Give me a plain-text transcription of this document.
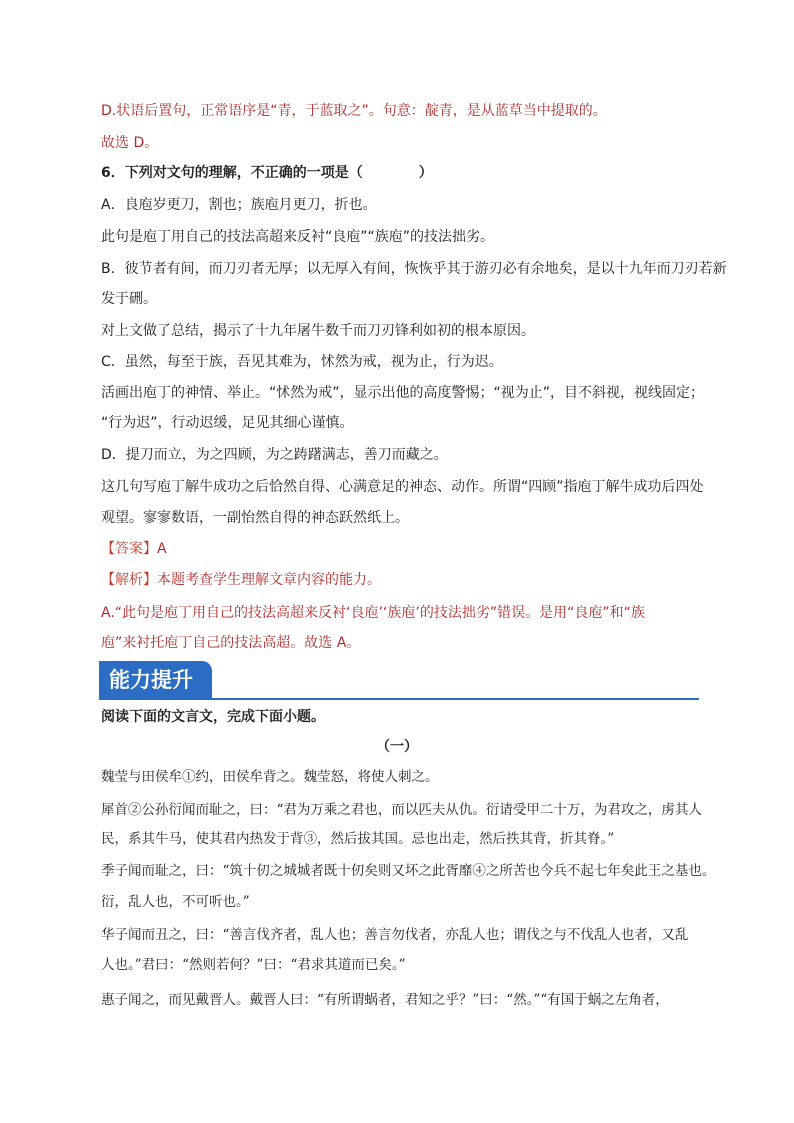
D.状语后置句，正常语序是“青，于蓝取之”。句意：靛青，是从蓝草当中提取的。
故选 D。
6．下列对文句的理解，不正确的一项是（　　　　）
A．良庖岁更刀，割也；族庖月更刀，折也。
此句是庖丁用自己的技法高超来反衬“良庖”“族庖”的技法拙劣。
B．彼节者有间，而刀刃者无厚；以无厚入有间，恢恢乎其于游刃必有余地矣，是以十九年而刀刃若新
发于硎。
对上文做了总结，揭示了十九年屠牛数千而刀刃锋利如初的根本原因。
C．虽然，每至于族，吾见其难为，怵然为戒，视为止，行为迟。
活画出庖丁的神情、举止。“怵然为戒”，显示出他的高度警惕；“视为止”，目不斜视，视线固定；
“行为迟”，行动迟缓，足见其细心谨慎。
D．提刀而立，为之四顾，为之踌躇满志，善刀而藏之。
这几句写庖丁解牛成功之后恰然自得、心满意足的神态、动作。所谓“四顾”指庖丁解牛成功后四处
观望。寥寥数语，一副怡然自得的神态跃然纸上。
【答案】A
【解析】本题考查学生理解文章内容的能力。
A.“此句是庖丁用自己的技法高超来反衬‘良庖’‘族庖’的技法拙劣”错误。是用“良庖”和“族
庖”来衬托庖丁自己的技法高超。故选 A。
能力提升
阅读下面的文言文，完成下面小题。
（一）
魏莹与田侯牟①约，田侯牟背之。魏莹怒，将使人刺之。
犀首②公孙衍闻而耻之，曰：“君为万乘之君也，而以匹夫从仇。衍请受甲二十万，为君攻之，虏其人
民，系其牛马，使其君内热发于背③，然后拔其国。忌也出走，然后抶其背，折其脊。”
季子闻而耻之，曰：“筑十仞之城城者既十仞矣则又坏之此胥靡④之所苦也今兵不起七年矣此王之基也。
衍，乱人也，不可听也。”
华子闻而丑之，曰：“善言伐齐者，乱人也；善言勿伐者，亦乱人也；谓伐之与不伐乱人也者，又乱
人也。”君曰：“然则若何？”曰：“君求其道而已矣。”
惠子闻之，而见戴晋人。戴晋人曰：“有所谓蜗者，君知之乎？”曰：“然。”“有国于蜗之左角者，
